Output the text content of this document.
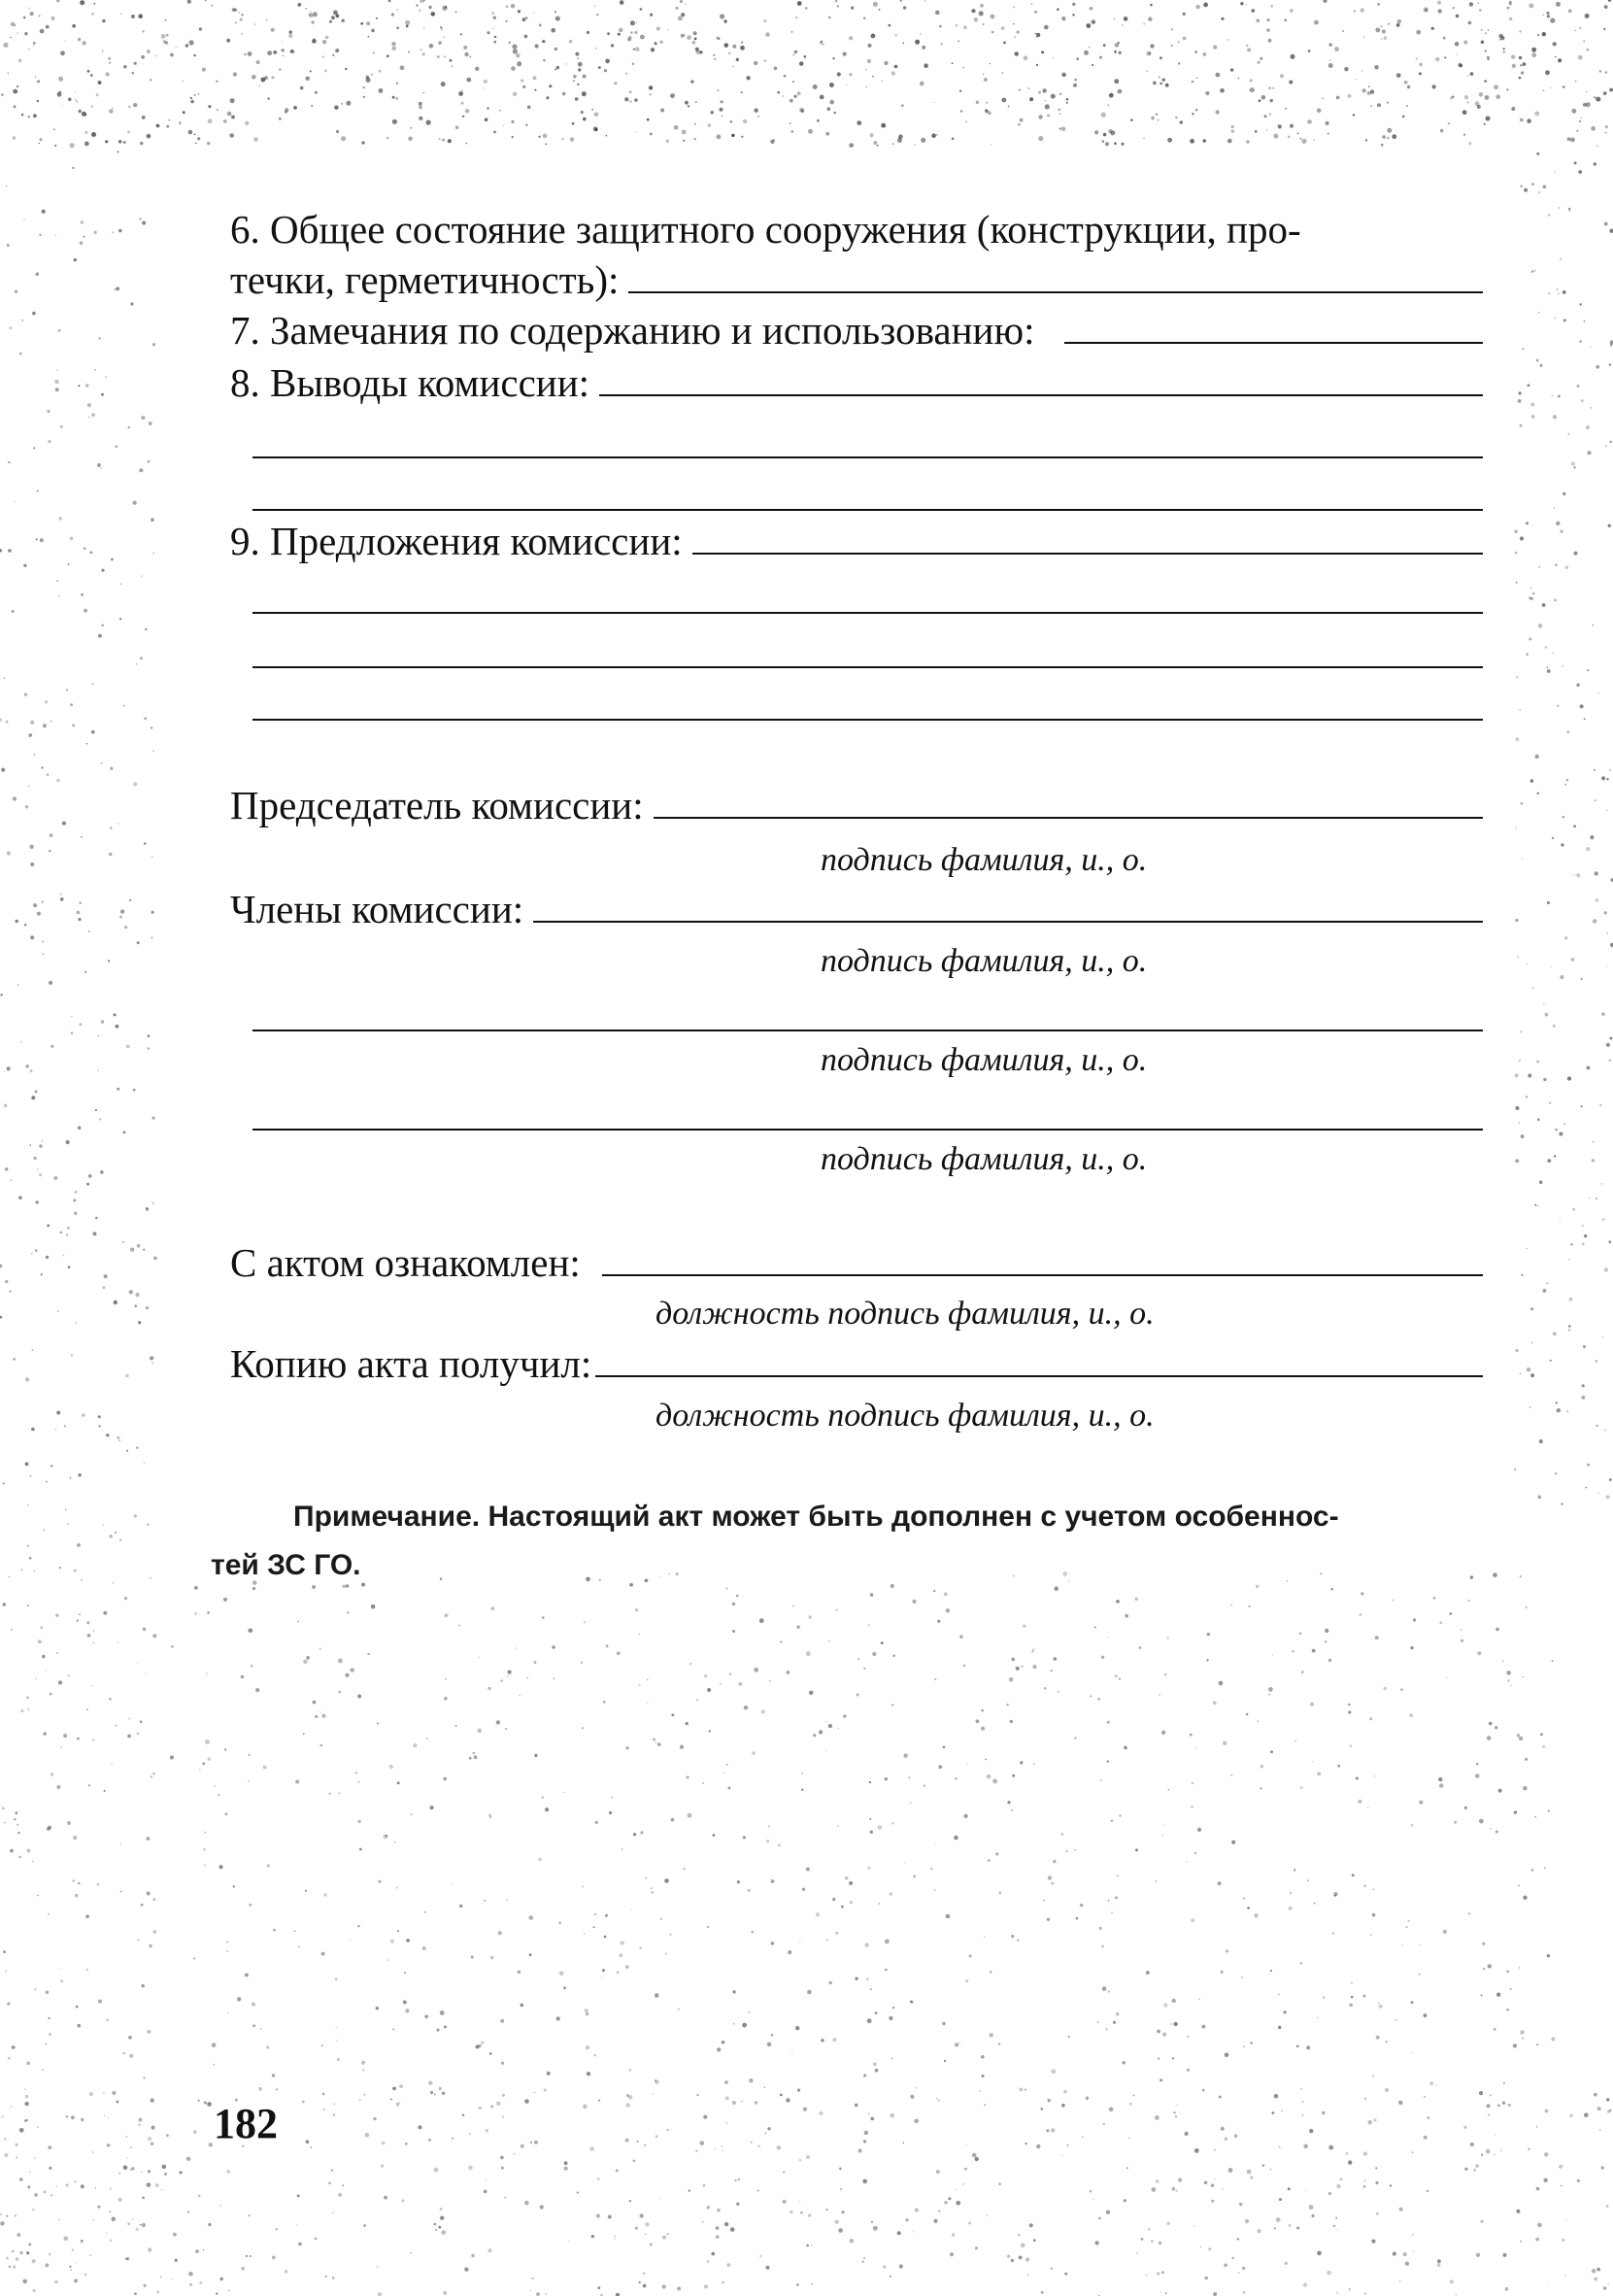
6. Общее состояние защитного сооружения (конструкции, про-
течки, герметичность):
7. Замечания по содержанию и использованию:
8. Выводы комиссии:
9. Предложения комиссии:
Председатель комиссии:
подпись фамилия, и., о.
Члены комиссии:
подпись фамилия, и., о.
подпись фамилия, и., о.
подпись фамилия, и., о.
С актом ознакомлен:
должность подпись фамилия, и., о.
Копию акта получил:
должность подпись фамилия, и., о.
Примечание. Настоящий акт может быть дополнен с учетом особеннос-
тей ЗС ГО.
182
